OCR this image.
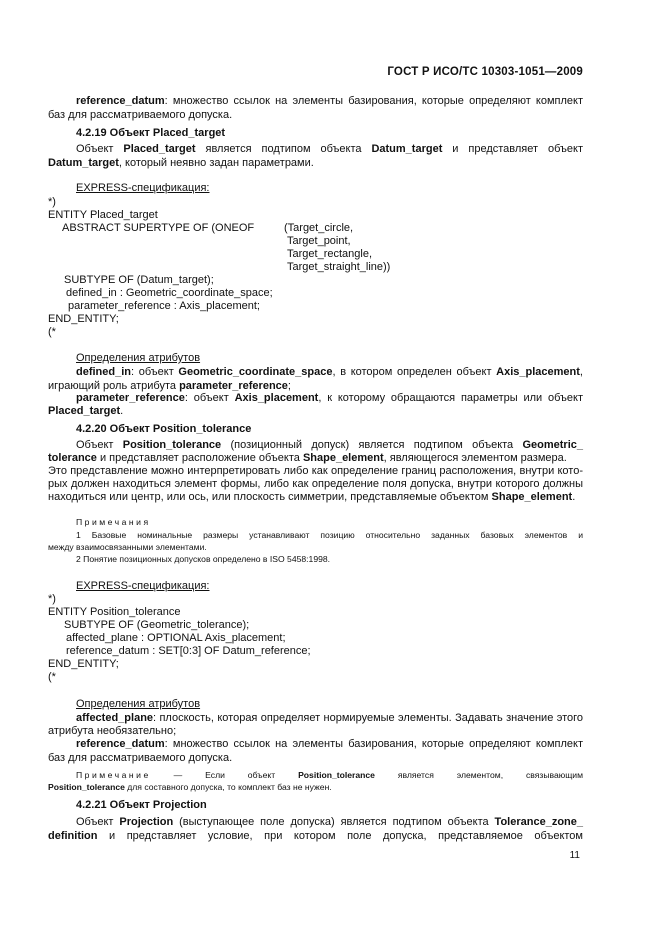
ГОСТ Р ИСО/ТС 10303-1051—2009
reference_datum: множество ссылок на элементы базирования, которые определяют комплект
баз для рассматриваемого допуска.
4.2.19 Объект Placed_target
Объект Placed_target является подтипом объекта Datum_target и представляет объект
Datum_target, который неявно задан параметрами.
EXPRESS-спецификация:
*)
ENTITY Placed_target
ABSTRACT SUPERTYPE OF (ONEOF	(Target_circle,
Target_point,
Target_rectangle,
Target_straight_line))
SUBTYPE OF (Datum_target);
defined_in : Geometric_coordinate_space;
parameter_reference : Axis_placement;
END_ENTITY;
(*
Определения атрибутов
defined_in: объект Geometric_coordinate_space, в котором определен объект Axis_placement,
играющий роль атрибута parameter_reference;
parameter_reference: объект Axis_placement, к которому обращаются параметры или объект
Placed_target.
4.2.20 Объект Position_tolerance
Объект Position_tolerance (позиционный допуск) является подтипом объекта Geometric_
tolerance и представляет расположение объекта Shape_element, являющегося элементом размера.
Это представление можно интерпретировать либо как определение границ расположения, внутри кото-
рых должен находиться элемент формы, либо как определение поля допуска, внутри которого должны
находиться или центр, или ось, или плоскость симметрии, представляемые объектом Shape_element.
Примечания
1 Базовые номинальные размеры устанавливают позицию относительно заданных базовых элементов и
между взаимосвязанными элементами.
2 Понятие позиционных допусков определено в ISO 5458:1998.
EXPRESS-спецификация:
*)
ENTITY Position_tolerance
SUBTYPE OF (Geometric_tolerance);
affected_plane : OPTIONAL Axis_placement;
reference_datum : SET[0:3] OF Datum_reference;
END_ENTITY;
(*
Определения атрибутов
affected_plane: плоскость, которая определяет нормируемые элементы. Задавать значение этого
атрибута необязательно;
reference_datum: множество ссылок на элементы базирования, которые определяют комплект
баз для рассматриваемого допуска.
Примечание — Если объект Position_tolerance является элементом, связывающим
Position_tolerance для составного допуска, то комплект баз не нужен.
4.2.21 Объект Projection
Объект Projection (выступающее поле допуска) является подтипом объекта Tolerance_zone_
definition и представляет условие, при котором поле допуска, представляемое объектом
11
